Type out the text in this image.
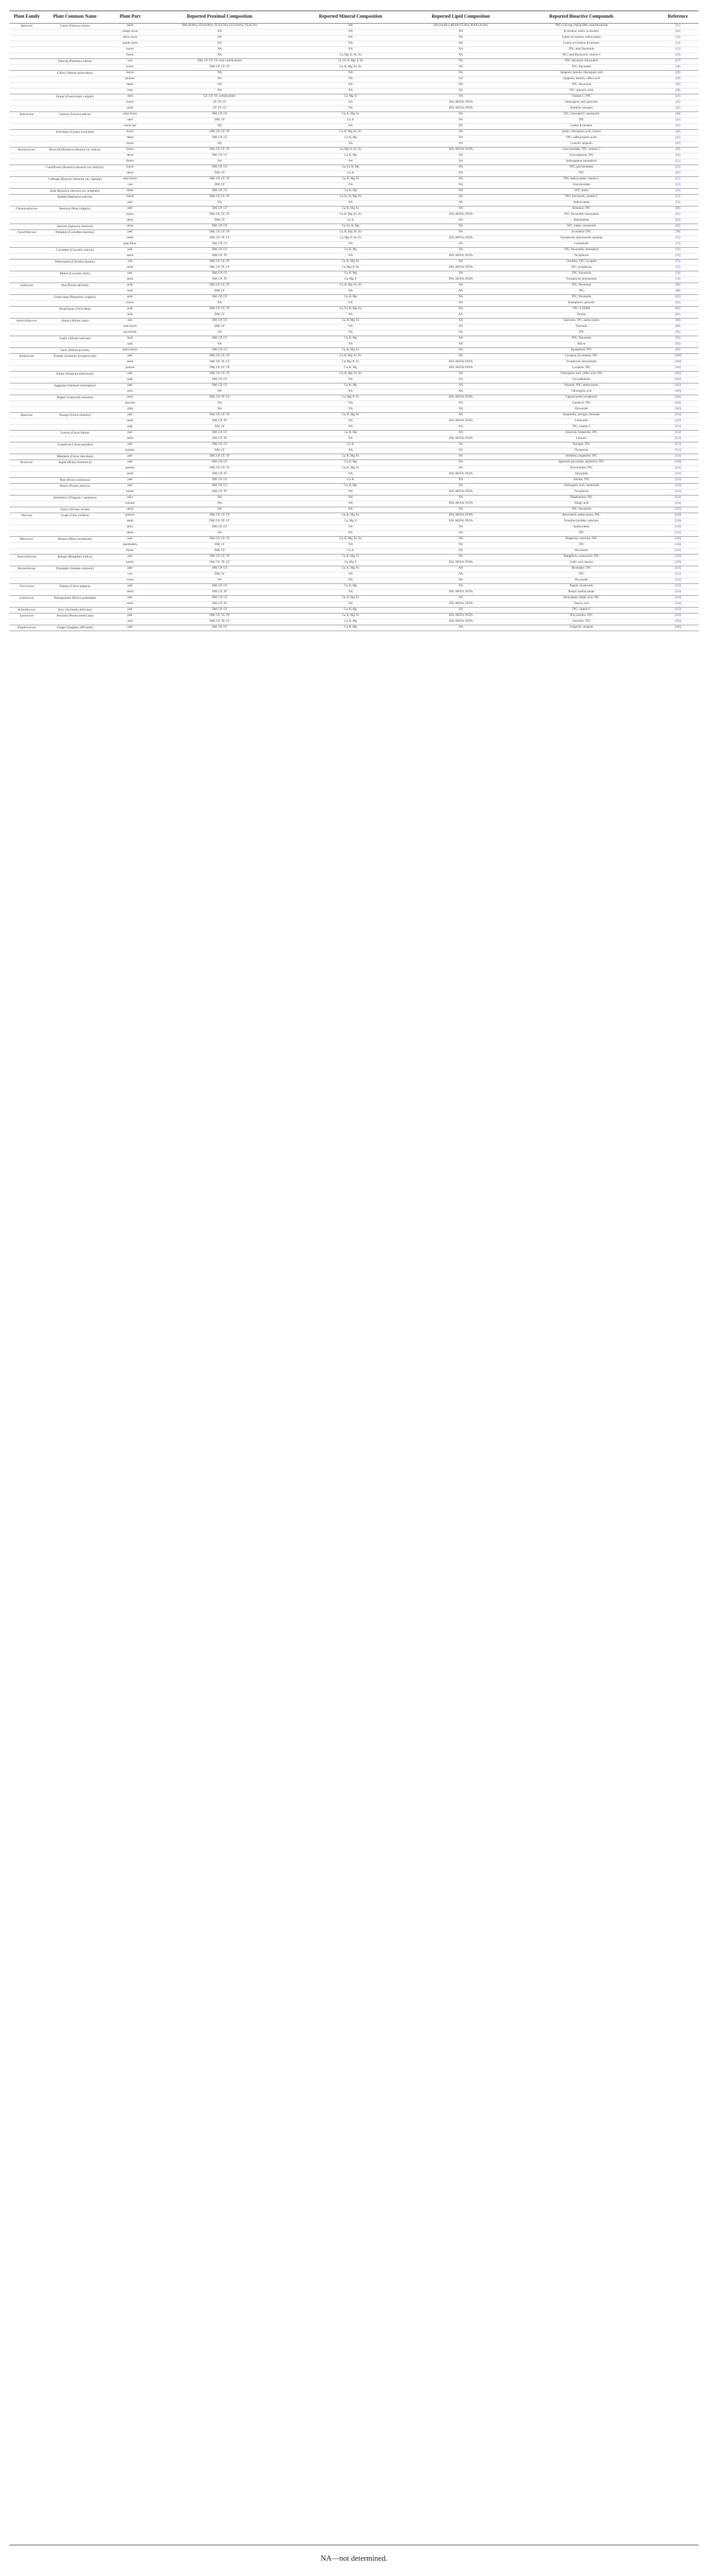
Plant Family	Plant Common Name	Plant Part	Reported Proximal Composition	Reported Mineral Composition	Reported Lipid Composition	Reported Bioactive Compounds	Reference
Apiaceae	Carrot (Daucus carota)	seeds	DM (94.8%); CP (16.8%); TF (14.3%); CF (19.6%); TS (0.2%)	NA	SFA (10.8%); MUFA (55.8%); PUFA (26.0%)	TPC (3.95 mg GAE/g DM); total flavonoids	[13]
		orange carrot	NA	NA	NA	β-carotene; lutein; α-carotene	[14]
		black carrot	NA	NA	NA	Lutein; β-carotene; anthocyanins	[14]
		purple carrot	NA	NA	NA	Lutein; α-carotene; β-carotene	[14]
		leaves	NA	NA	NA	TPC; total flavonoids	[15]
		flower	NA	Ca; Mg; K; Fe; Zn	NA	TPC; total flavonoids; vitamin C	[16]
	Parsnip (Pastinaca sativa)	root	DM; CP; TF; CF; total carbohydrates	Ca; Fe; K; Mg; P; Zn	NA	TPC; falcarinol; falcarindiol	[17]
		leaves	DM; CP; CF; TF	Ca; K; Mg; Fe; Zn	NA	TPC; flavonoids	[18]
	Celery (Apium graveolens)	leaves	NA	NA	NA	Apigenin; luteolin; chlorogenic acid	[19]
		petioles	NA	NA	NA	Apigenin; luteolin; caffeic acid	[19]
		stems	NA	NA	NA	TPC; flavonoids	[20]
		roots	NA	NA	NA	TPC; phenolic acids	[20]
	Fennel (Foeniculum vulgare)	stem	CF; CP; TF; carbohydrates	Ca; Mg; K	NA	Vitamin C; TPC	[21]
		leaves	CP; TF; CF	NA	SFA; MUFA; PUFA	Chlorogenic acid; quercetin	[22]
		seeds	CP; TF; CF	NA	SFA; MUFA; PUFA	Anethole; estragole	[22]
Asteraceae	Lettuce (Lactuca sativa)	outer leaves	DM; CP; CF	Ca; K; Mg; Fe	NA	TPC; chlorophyll; carotenoids	[40]
		stem	DM; CP	Ca; K	NA	TPC	[41]
		whole leaf	NA	NA	NA	Lutein; β-carotene	[41]
	Artichoke (Cynara scolymus)	bracts	DM; CP; CF; TF	Ca; K; Mg; Fe; Zn	NA	Inulin; chlorogenic acid; cynarin	[42]
		stems	DM; CP; CF	Ca; K; Mg	NA	TPC; caffeoylquinic acids	[42]
		leaves	NA	NA	NA	Luteolin; apigenin	[43]
Brassicaceae	Broccoli (Brassica oleracea var. italica)	leaves	DM; CP; CF; TF	Ca; Mg; K; Fe; Zn	SFA; MUFA; PUFA	Glucosinolates; TPC; vitamin C	[50]
		stems	DM; CP; CF	Ca; K; Mg	NA	Glucoraphanin; TPC	[50]
		florets	NA	NA	NA	Sulforaphane; kaempferol	[51]
	Cauliflower (Brassica oleracea var. botrytis)	leaves	DM; CP; CF	Ca; Fe; K; Mg	NA	TPC; glucosinolates	[52]
		stems	DM; CP	Ca; K	NA	TPC	[52]
	Cabbage (Brassica oleracea var. capitata)	outer leaves	DM; CP; CF; TF	Ca; K; Mg; Fe	NA	TPC; anthocyanins; vitamin C	[53]
		core	DM; CP	NA	NA	Glucosinolates	[53]
	Kale (Brassica oleracea var. acephala)	stems	DM; CP; CF	Ca; K; Mg	NA	TPC; lutein	[54]
	Radish (Raphanus sativus)	leaves	DM; CP; CF; TF	Ca; Fe; K; Mg; Zn	NA	TPC; flavonoids; vitamin C	[55]
		peel	NA	NA	NA	Anthocyanins	[55]
Chenopodiaceae	Beetroot (Beta vulgaris)	peel	DM; CP; CF	Ca; K; Mg; Fe	NA	Betalains; TPC	[60]
		leaves	DM; CP; CF; TF	Ca; K; Mg; Fe; Zn	SFA; MUFA; PUFA	TPC; flavonoids; betacyanins	[61]
		stems	DM; CP	Ca; K	NA	Betaxanthins	[61]
	Spinach (Spinacia oleracea)	stems	DM; CP; CF	Ca; Fe; K; Mg	NA	TPC; lutein; carotenoids	[62]
Cucurbitaceae	Pumpkin (Cucurbita maxima)	peel	DM; CP; CF; TF	Ca; K; Mg; Fe; Zn	NA	β-carotene; TPC	[70]
		seeds	DM; CP; TF; CF	Ca; Mg; P; Zn; Fe	SFA; MUFA; PUFA	Tocopherols; phytosterols; squalene	[71]
		pulp fibres	DM; CP; CF	NA	NA	Carotenoids	[71]
	Cucumber (Cucumis sativus)	peel	DM; CP; CF	Ca; K; Mg	NA	TPC; flavonoids; chlorophyll	[72]
		seeds	DM; CP; TF	NA	SFA; MUFA; PUFA	Tocopherols	[72]
	Watermelon (Citrullus lanatus)	rind	DM; CP; CF; TF	Ca; K; Mg; Fe	NA	Citrulline; TPC; lycopene	[73]
		seeds	DM; CP; TF; CF	Ca; Mg; P; Zn	SFA; MUFA; PUFA	TPC; tocopherols	[73]
	Melon (Cucumis melo)	peel	DM; CP; CF	Ca; K; Mg	NA	TPC; flavonoids	[74]
		seeds	DM; CP; TF	Ca; Mg; P	SFA; MUFA; PUFA	Tocopherols; phytosterols	[74]
Fabaceae	Pea (Pisum sativum)	pods	DM; CP; CF; TF	Ca; K; Mg; Fe; Zn	NA	TPC; flavonoids	[80]
		hulls	DM; CF	NA	NA	TPC	[80]
	Green bean (Phaseolus vulgaris)	pods	DM; CP; CF	Ca; K; Mg	NA	TPC; flavonoids	[81]
		leaves	NA	NA	NA	Kaempferol; quercetin	[81]
	Broad bean (Vicia faba)	pods	DM; CP; CF; TF	Ca; Fe; K; Mg; Zn	NA	TPC; L-DOPA	[82]
		hulls	DM; CF	NA	NA	Tannins	[82]
Amaryllidaceae	Onion (Allium cepa)	skin	DM; CP; CF	Ca; K; Mg; Fe	NA	Quercetin; TPC; anthocyanins	[90]
		outer layers	DM; CP	NA	NA	Flavonols	[90]
		top-bottom	NA	NA	NA	TPC	[91]
	Garlic (Allium sativum)	husk	DM; CP; CF	Ca; K; Mg	NA	TPC; flavonoids	[92]
		stalk	NA	NA	NA	Allicin	[92]
	Leek (Allium porrum)	green leaves	DM; CP; CF	Ca; K; Mg; Fe	NA	Kaempferol; TPC	[93]
Solanaceae	Tomato (Solanum lycopersicum)	peel	DM; CP; CF; TF	Ca; K; Mg; Fe; Zn	NA	Lycopene; β-carotene; TPC	[100]
		seeds	DM; CP; TF; CF	Ca; Mg; P; Zn	SFA; MUFA; PUFA	Tocopherols; phytosterols	[100]
		pomace	DM; CP; CF; TF	Ca; K; Mg	SFA; MUFA; PUFA	Lycopene; TPC	[101]
	Potato (Solanum tuberosum)	peel	DM; CP; CF; TF	Ca; K; Mg; Fe; Zn	NA	Chlorogenic acid; caffeic acid; TPC	[102]
		pulp	DM; CP; CF	NA	NA	Glycoalkaloids	[102]
	Eggplant (Solanum melongena)	peel	DM; CP; CF	Ca; K; Mg	NA	Nasunin; TPC; anthocyanins	[103]
		calyx	NA	NA	NA	Chlorogenic acid	[103]
	Pepper (Capsicum annuum)	seeds	DM; CP; TF; CF	Ca; Mg; P; Fe	SFA; MUFA; PUFA	Capsaicinoids; tocopherols	[104]
		placenta	NA	NA	NA	Capsaicin; TPC	[104]
		stalk	NA	NA	NA	Flavonoids	[105]
Rutaceae	Orange (Citrus sinensis)	peel	DM; CP; CF; TF	Ca; K; Mg; Fe	NA	Hesperidin; naringin; limonene	[110]
		seeds	DM; CP; TF	NA	SFA; MUFA; PUFA	Limonoids	[110]
		pulp	DM; CF	NA	NA	TPC; vitamin C	[111]
	Lemon (Citrus limon)	peel	DM; CP; CF	Ca; K; Mg	NA	Eriocitrin; hesperidin; TPC	[112]
		seeds	DM; CP; TF	NA	SFA; MUFA; PUFA	Limonin	[112]
	Grapefruit (Citrus paradisi)	peel	DM; CP; CF	Ca; K	NA	Naringin; TPC	[113]
		pomace	DM; CF	NA	NA	Flavanones	[113]
	Mandarin (Citrus reticulata)	peel	DM; CP; CF; TF	Ca; K; Mg; Fe	NA	Nobiletin; tangeretin; TPC	[114]
Rosaceae	Apple (Malus domestica)	peel	DM; CP; CF	Ca; K; Mg	NA	Quercetin glycosides; phloridzin; TPC	[120]
		pomace	DM; CP; CF; TF	Ca; K; Mg; Fe	NA	Procyanidins; TPC	[121]
		seeds	DM; CP; TF	NA	SFA; MUFA; PUFA	Amygdalin	[121]
	Pear (Pyrus communis)	peel	DM; CP; CF	Ca; K	NA	Arbutin; TPC	[122]
	Peach (Prunus persica)	peel	DM; CP; CF	Ca; K; Mg	NA	Chlorogenic acid; carotenoids	[123]
		kernel	DM; CP; TF	NA	SFA; MUFA; PUFA	Tocopherols	[123]
	Strawberry (Fragaria × ananassa)	calyx	NA	NA	NA	Ellagitannins; TPC	[124]
		achenes	NA	NA	SFA; MUFA; PUFA	Ellagic acid	[124]
	Cherry (Prunus avium)	stems	NA	NA	NA	TPC; flavonoids	[125]
Vitaceae	Grape (Vitis vinifera)	pomace	DM; CP; CF; TF	Ca; K; Mg; Fe	SFA; MUFA; PUFA	Resveratrol; anthocyanins; TPC	[130]
		seeds	DM; CP; TF; CF	Ca; Mg; P	SFA; MUFA; PUFA	Proanthocyanidins; catechins	[130]
		skins	DM; CP; CF	NA	NA	Anthocyanins	[131]
		stems	NA	NA	NA	TPC	[131]
Musaceae	Banana (Musa acuminata)	peel	DM; CP; CF; TF	Ca; K; Mg; Fe; Zn	NA	Dopamine; catechins; TPC	[140]
		pseudostem	DM; CF	NA	NA	TPC	[140]
		flower	DM; CP	Ca; K	NA	Flavonoids	[141]
Anacardiaceae	Mango (Mangifera indica)	peel	DM; CP; CF; TF	Ca; K; Mg; Fe	NA	Mangiferin; carotenoids; TPC	[150]
		kernel	DM; CP; TF; CF	Ca; Mg; P	SFA; MUFA; PUFA	Gallic acid; tannins	[150]
Bromeliaceae	Pineapple (Ananas comosus)	peel	DM; CP; CF	Ca; K; Mg; Fe	NA	Bromelain; TPC	[151]
		core	DM; CF	NA	NA	TPC	[151]
		crown	NA	NA	NA	Flavonoids	[152]
Caricaceae	Papaya (Carica papaya)	peel	DM; CP; CF	Ca; K; Mg	NA	Papain; carotenoids	[153]
		seeds	DM; CP; TF	NA	SFA; MUFA; PUFA	Benzyl isothiocyanate	[153]
Lythraceae	Pomegranate (Punica granatum)	peel	DM; CP; CF	Ca; K; Mg; Fe	NA	Punicalagin; ellagic acid; TPC	[154]
		seeds	DM; CP; TF	NA	SFA; MUFA; PUFA	Punicic acid	[154]
Actinidiaceae	Kiwi (Actinidia deliciosa)	peel	DM; CP; CF	Ca; K; Mg	NA	TPC; vitamin C	[155]
Lauraceae	Avocado (Persea americana)	peel	DM; CP; CF; TF	Ca; K; Mg; Fe	SFA; MUFA; PUFA	Procyanidins; TPC	[156]
		seed	DM; CP; TF; CF	Ca; K; Mg	SFA; MUFA; PUFA	Catechins; TPC	[156]
Zingiberaceae	Ginger (Zingiber officinale)	peel	DM; CP; CF	Ca; K; Mg	NA	Gingerols; shogaols	[160]
NA—not determined.
